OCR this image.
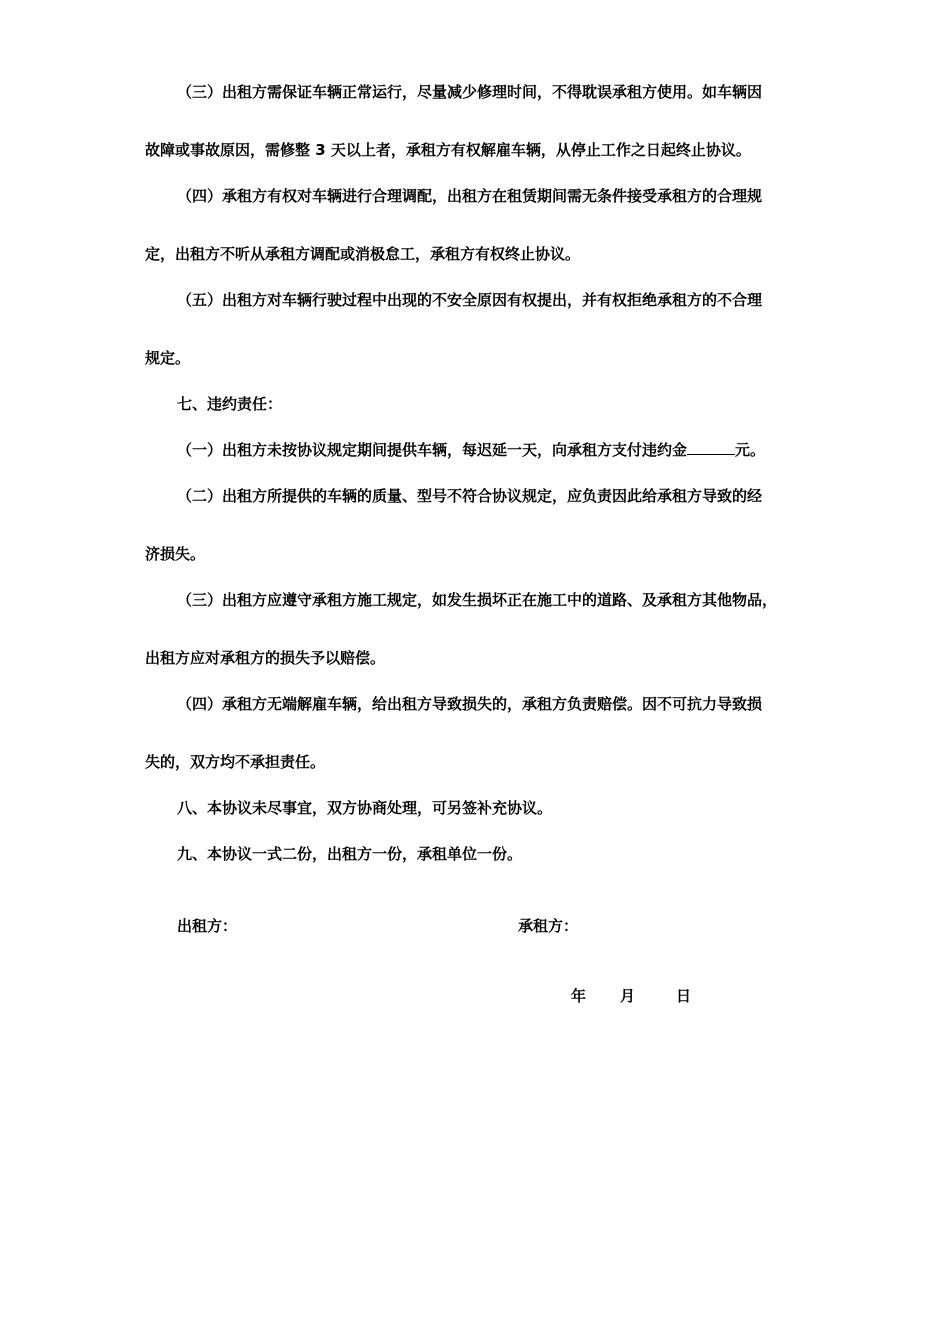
（三）出租方需保证车辆正常运行，尽量减少修理时间，不得耽误承租方使用。如车辆因
故障或事故原因，需修整 3 天以上者，承租方有权解雇车辆，从停止工作之日起终止协议。
（四）承租方有权对车辆进行合理调配，出租方在租赁期间需无条件接受承租方的合理规
定，出租方不听从承租方调配或消极怠工，承租方有权终止协议。
（五）出租方对车辆行驶过程中出现的不安全原因有权提出，并有权拒绝承租方的不合理
规定。
七、违约责任：
（一）出租方未按协议规定期间提供车辆，每迟延一天，向承租方支付违约金	元。
（二）出租方所提供的车辆的质量、型号不符合协议规定，应负责因此给承租方导致的经
济损失。
（三）出租方应遵守承租方施工规定，如发生损坏正在施工中的道路、及承租方其他物品，
出租方应对承租方的损失予以赔偿。
（四）承租方无端解雇车辆，给出租方导致损失的，承租方负责赔偿。因不可抗力导致损
失的，双方均不承担责任。
八、本协议未尽事宜，双方协商处理，可另签补充协议。
九、本协议一式二份，出租方一份，承租单位一份。
出租方：	承租方：
年	月	日
